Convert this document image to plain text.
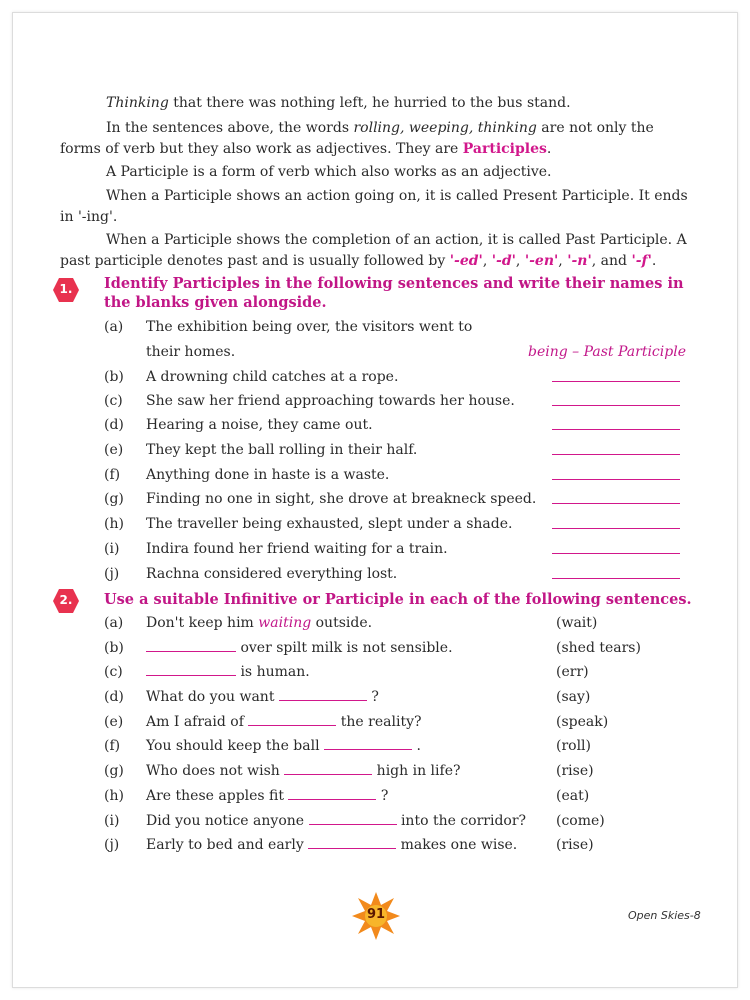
Thinking that there was nothing left, he hurried to the bus stand.

In the sentences above, the words rolling, weeping, thinking are not only the forms of verb but they also work as adjectives. They are Participles.

A Participle is a form of verb which also works as an adjective.

When a Participle shows an action going on, it is called Present Participle. It ends in '-ing'.

When a Participle shows the completion of an action, it is called Past Participle. A past participle denotes past and is usually followed by '-ed', '-d', '-en', '-n', and '-f'.

1.	Identify Participles in the following sentences and write their names in the blanks given alongside.

(a) The exhibition being over, the visitors went to
their homes.	being – Past Participle
(b) A drowning child catches at a rope.
(c) She saw her friend approaching towards her house.
(d) Hearing a noise, they came out.
(e) They kept the ball rolling in their half.
(f) Anything done in haste is a waste.
(g) Finding no one in sight, she drove at breakneck speed.
(h) The traveller being exhausted, slept under a shade.
(i) Indira found her friend waiting for a train.
(j) Rachna considered everything lost.
2.	Use a suitable Infinitive or Participle in each of the following sentences.

(a) Don't keep him waiting outside.	(wait)
(b)	over spilt milk is not sensible.	(shed tears)
(c)	is human.	(err)
(d) What do you want	?	(say)
(e) Am I afraid of	the reality?	(speak)
(f) You should keep the ball	.	(roll)
(g) Who does not wish	high in life?	(rise)
(h) Are these apples fit	?	(eat)
(i) Did you notice anyone	into the corridor? (come)
(j) Early to bed and early	makes one wise.	(rise)
91	Open Skies-8
